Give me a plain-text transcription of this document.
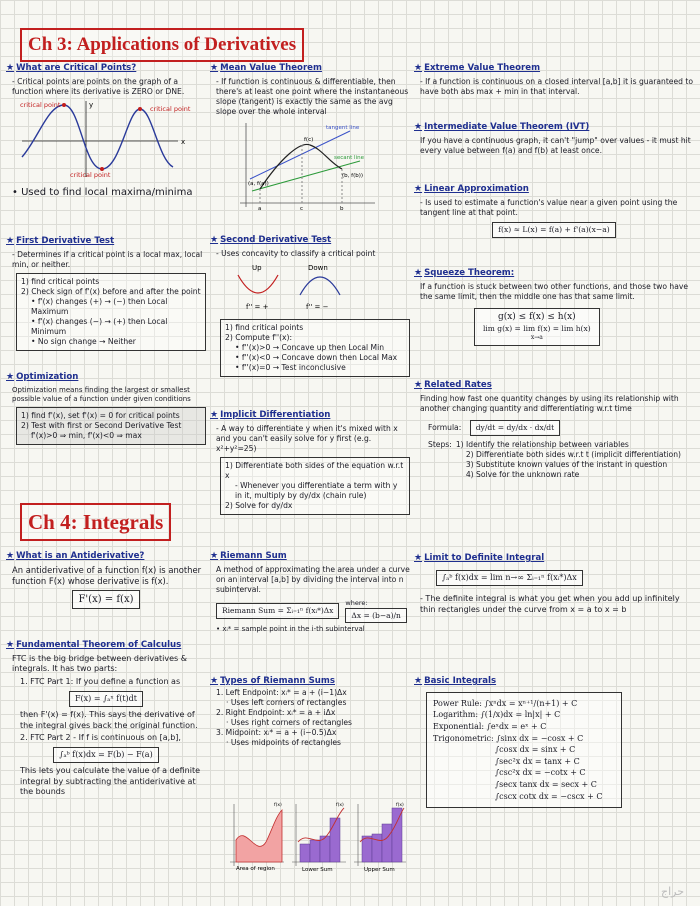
Ch 3: Applications of Derivatives
★ What are Critical Points?
- Critical points are points on the graph of a function where its derivative is ZERO or DNE.
critical point	critical point
critical point
y
x
• Used to find local maxima/minima
★ First Derivative Test
- Determines if a critical point is a local max, local min, or neither.
1) find critical points
2) Check sign of f'(x) before and after the point
• f'(x) changes (+) → (−) then Local Maximum
• f'(x) changes (−) → (+) then Local Minimum
• No sign change → Neither
★ Optimization
Optimization means finding the largest or smallest possible value of a function under given conditions
1) find f'(x), set f'(x) = 0 for critical points
2) Test with first or Second Derivative Test
f'(x)>0 ⇒ min, f'(x)<0 ⇒ max
★ Mean Value Theorem
- If function is continuous & differentiable, then there's at least one point where the instantaneous slope (tangent) is exactly the same as the avg slope over the whole interval
tangent line
secant line
f(c)
(b, f(b))
(a, f(a))
a	c	b
★ Second Derivative Test
- Uses concavity to classify a critical point
Up	Down
f'' = +	f'' = −
1) find critical points
2) Compute f''(x):
• f''(x)>0 → Concave up then Local Min
• f''(x)<0 → Concave down then Local Max
• f''(x)=0 → Test inconclusive
★ Implicit Differentiation
- A way to differentiate y when it's mixed with x and you can't easily solve for y first (e.g. x²+y²=25)
1) Differentiate both sides of the equation w.r.t x
- Whenever you differentiate a term with y in it, multiply by dy/dx (chain rule)
2) Solve for dy/dx
★ Extreme Value Theorem
- If a function is continuous on a closed interval [a,b] it is guaranteed to have both abs max + min in that interval.
★ Intermediate Value Theorem (IVT)
If you have a continuous graph, it can't "jump" over values - it must hit every value between f(a) and f(b) at least once.
★ Linear Approximation
- Is used to estimate a function's value near a given point using the tangent line at that point.
f(x) ≈ L(x) = f(a) + f'(a)(x−a)
★ Squeeze Theorem:
If a function is stuck between two other functions, and those two have the same limit, then the middle one has that same limit.
g(x) ≤ f(x) ≤ h(x)
lim g(x) = lim f(x) = lim h(x)
x→a
★ Related Rates
Finding how fast one quantity changes by using its relationship with another changing quantity and differentiating w.r.t time
Formula: dy/dt = dy/dx · dx/dt
Steps: 1) Identify the relationship between variables
2) Differentiate both sides w.r.t t (implicit differentiation)
3) Substitute known values of the instant in question
4) Solve for the unknown rate
Ch 4: Integrals
★ What is an Antiderivative?
An antiderivative of a function f(x) is another function F(x) whose derivative is f(x).
F'(x) = f(x)
★ Fundamental Theorem of Calculus
FTC is the big bridge between derivatives & integrals. It has two parts:
1. FTC Part 1: If you define a function as
F(x) = ∫ₐˣ f(t)dt
then F'(x) = f(x). This says the derivative of the integral gives back the original function.
2. FTC Part 2 - If f is continuous on [a,b],
∫ₐᵇ f(x)dx = F(b) − F(a)
This lets you calculate the value of a definite integral by subtracting the antiderivative at the bounds
★ Riemann Sum
A method of approximating the area under a curve on an interval [a,b] by dividing the interval into n subinterval.
Riemann Sum = Σᵢ₌₁ⁿ f(xᵢ*)Δx
where:
Δx = (b−a)/n
• xᵢ* = sample point in the i-th subinterval
★ Types of Riemann Sums
1. Left Endpoint: xᵢ* = a + (i−1)Δx
· Uses left corners of rectangles
2. Right Endpoint: xᵢ* = a + iΔx
· Uses right corners of rectangles
3. Midpoint: xᵢ* = a + (i−0.5)Δx
· Uses midpoints of rectangles
Area of region	Lower Sum	Upper Sum
f(x)	f(x)	f(x)
★ Limit to Definite Integral
∫ₐᵇ f(x)dx = lim n→∞ Σᵢ₌₁ⁿ f(xᵢ*)Δx
- The definite integral is what you get when you add up infinitely thin rectangles under the curve from x = a to x = b
★ Basic Integrals
Power Rule: ∫xⁿdx = xⁿ⁺¹/(n+1) + C
Logarithm: ∫(1/x)dx = ln|x| + C
Exponential: ∫eˣdx = eˣ + C
Trigonometric: ∫sinx dx = −cosx + C
∫cosx dx = sinx + C
∫sec²x dx = tanx + C
∫csc²x dx = −cotx + C
∫secx tanx dx = secx + C
∫cscx cotx dx = −cscx + C
حراج
